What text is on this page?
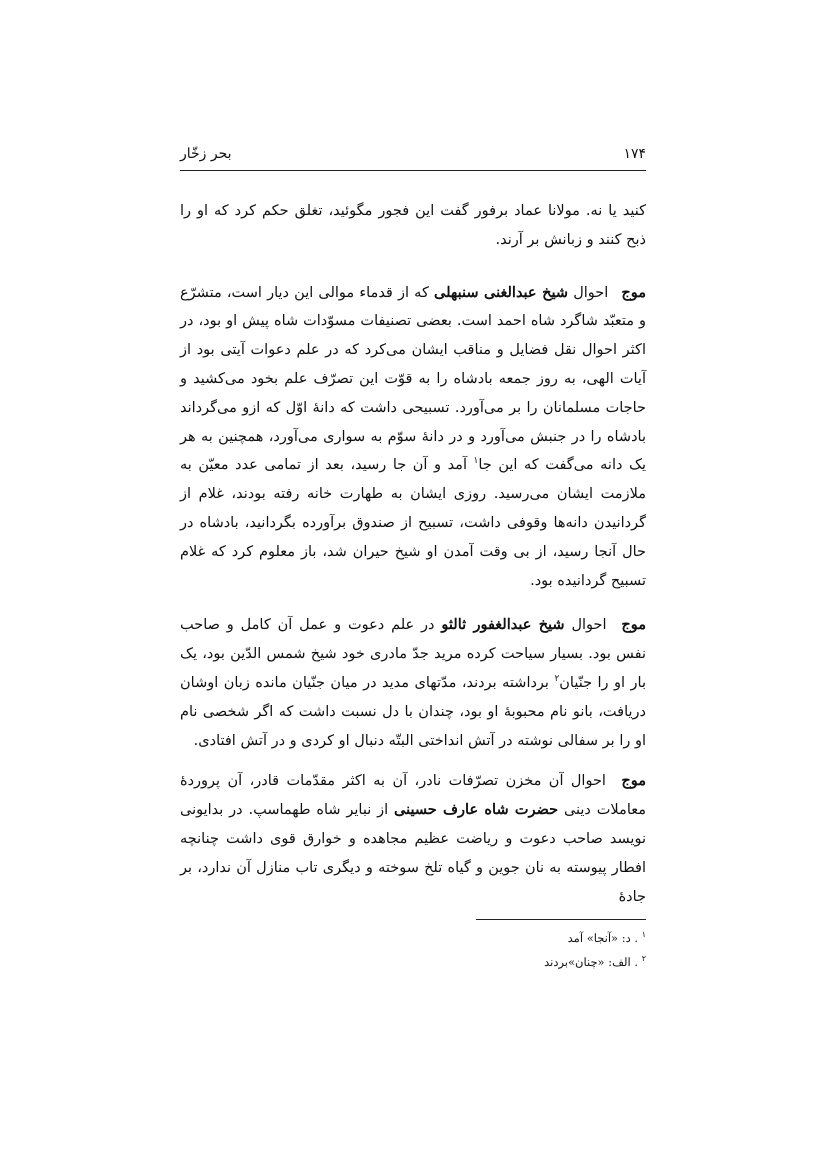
۱۷۴
بحر زخّار

کنید یا نه. مولانا عماد برفور گفت این فجور مگوئید، تغلق حکم کرد که او را ذبح کنند و زبانش بر آرند.

موج احوال شیخ عبدالغنی سنبهلی که از قدماء موالی این دیار است، متشرّع و متعبّد شاگرد شاه احمد است. بعضی تصنیفات مسوّدات شاه پیش او بود، در اکثر احوال نقل فضایل و مناقب ایشان می‌کرد که در علم دعوات آیتی بود از آیات الهی، به روز جمعه بادشاه را به قوّت این تصرّف علم بخود می‌کشید و حاجات مسلمانان را بر می‌آورد. تسبیحی داشت که دانهٔ اوّل که ازو می‌گرداند بادشاه را در جنبش می‌آورد و در دانهٔ سوّم به سواری می‌آورد، همچنین به هر یک دانه می‌گفت که این جا$^۱$ آمد و آن جا رسید، بعد از تمامی عدد معیّن به ملازمت ایشان می‌رسید. روزی ایشان به طهارت خانه رفته بودند، غلام از گردانیدن دانه‌ها وقوفی داشت، تسبیح از صندوق برآورده بگردانید، بادشاه در حال آنجا رسید، از بی وقت آمدن او شیخ حیران شد، باز معلوم کرد که غلام تسبیح گردانیده بود.

موج احوال شیخ عبدالغفور ثالثو در علم دعوت و عمل آن کامل و صاحب نفس بود. بسیار سیاحت کرده مرید جدّ مادری خود شیخ شمس الدّین بود، یک بار او را جنّیان$^۲$ برداشته بردند، مدّتهای مدید در میان جنّیان مانده زبان اوشان دریافت، بانو نام محبوبهٔ او بود، چندان با دل نسبت داشت که اگر شخصی نام او را بر سفالی نوشته در آتش انداختی البتّه دنبال او کردی و در آتش افتادی.

موج احوال آن مخزن تصرّفات نادر، آن به اکثر مقدّمات قادر، آن پروردهٔ معاملات دینی حضرت شاه عارف حسینی از نبایر شاه طهماسپ. در بدایونی نویسد صاحب دعوت و ریاضت عظیم مجاهده و خوارق قوی داشت چنانچه افطار پیوسته به نان جوین و گیاه تلخ سوخته و دیگری تاب منازل آن ندارد، بر جادهٔ

$^۱$ . د: «آنجا» آمد

$^۲$ . الف: «چنان»بردند
